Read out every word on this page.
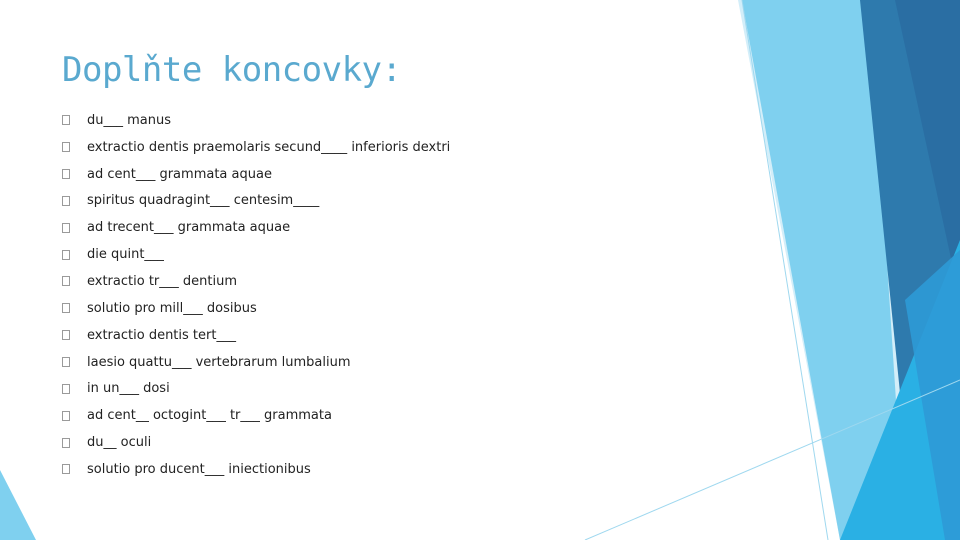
Doplňte koncovky:
du___ manus
extractio dentis praemolaris secund____ inferioris dextri
ad cent___ grammata aquae
spiritus quadragint___ centesim____
ad trecent___ grammata aquae
die quint___
extractio tr___ dentium
solutio pro mill___ dosibus
extractio dentis tert___
laesio quattu___ vertebrarum lumbalium
in un___ dosi
ad cent__ octogint___ tr___ grammata
du__ oculi
solutio pro ducent___ iniectionibus
